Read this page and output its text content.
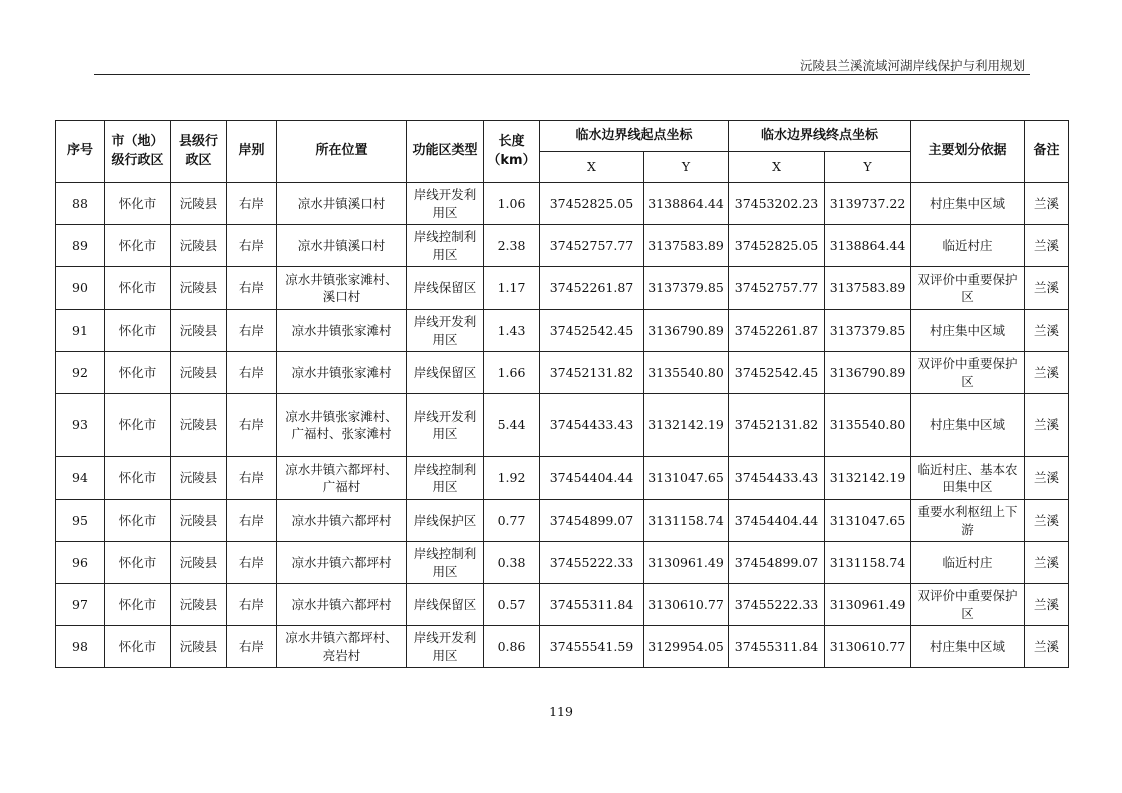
沅陵县兰溪流域河湖岸线保护与利用规划
序号	市（地）级行政区	县级行政区	岸别	所在位置	功能区类型	长度（km）	临水边界线起点坐标		临水边界线终点坐标		主要划分依据	备注
							X	Y	X	Y		
88	怀化市	沅陵县	右岸	凉水井镇溪口村	岸线开发利用区	1.06	37452825.05	3138864.44	37453202.23	3139737.22	村庄集中区域	兰溪
89	怀化市	沅陵县	右岸	凉水井镇溪口村	岸线控制利用区	2.38	37452757.77	3137583.89	37452825.05	3138864.44	临近村庄	兰溪
90	怀化市	沅陵县	右岸	凉水井镇张家滩村、溪口村	岸线保留区	1.17	37452261.87	3137379.85	37452757.77	3137583.89	双评价中重要保护区	兰溪
91	怀化市	沅陵县	右岸	凉水井镇张家滩村	岸线开发利用区	1.43	37452542.45	3136790.89	37452261.87	3137379.85	村庄集中区域	兰溪
92	怀化市	沅陵县	右岸	凉水井镇张家滩村	岸线保留区	1.66	37452131.82	3135540.80	37452542.45	3136790.89	双评价中重要保护区	兰溪
93	怀化市	沅陵县	右岸	凉水井镇张家滩村、广福村、张家滩村	岸线开发利用区	5.44	37454433.43	3132142.19	37452131.82	3135540.80	村庄集中区域	兰溪
94	怀化市	沅陵县	右岸	凉水井镇六都坪村、广福村	岸线控制利用区	1.92	37454404.44	3131047.65	37454433.43	3132142.19	临近村庄、基本农田集中区	兰溪
95	怀化市	沅陵县	右岸	凉水井镇六都坪村	岸线保护区	0.77	37454899.07	3131158.74	37454404.44	3131047.65	重要水利枢纽上下游	兰溪
96	怀化市	沅陵县	右岸	凉水井镇六都坪村	岸线控制利用区	0.38	37455222.33	3130961.49	37454899.07	3131158.74	临近村庄	兰溪
97	怀化市	沅陵县	右岸	凉水井镇六都坪村	岸线保留区	0.57	37455311.84	3130610.77	37455222.33	3130961.49	双评价中重要保护区	兰溪
98	怀化市	沅陵县	右岸	凉水井镇六都坪村、亮岩村	岸线开发利用区	0.86	37455541.59	3129954.05	37455311.84	3130610.77	村庄集中区域	兰溪
119
